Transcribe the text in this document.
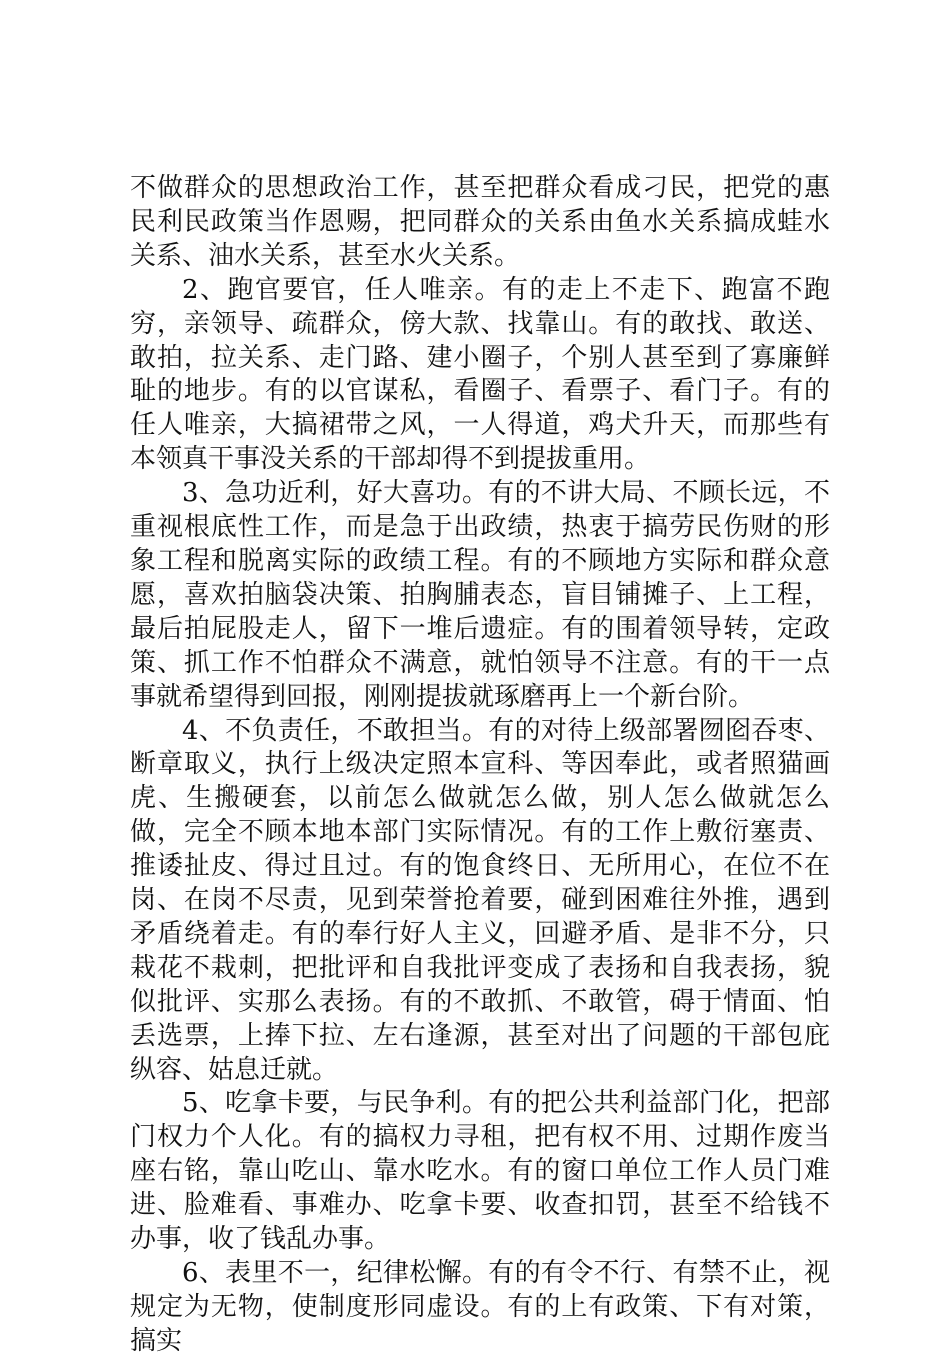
不做群众的思想政治工作，甚至把群众看成刁民，把党的惠民利民政策当作恩赐，把同群众的关系由鱼水关系搞成蛙水关系、油水关系，甚至水火关系。

2、跑官要官，任人唯亲。有的走上不走下、跑富不跑穷，亲领导、疏群众，傍大款、找靠山。有的敢找、敢送、敢拍，拉关系、走门路、建小圈子，个别人甚至到了寡廉鲜耻的地步。有的以官谋私，看圈子、看票子、看门子。有的任人唯亲，大搞裙带之风，一人得道，鸡犬升天，而那些有本领真干事没关系的干部却得不到提拔重用。

3、急功近利，好大喜功。有的不讲大局、不顾长远，不重视根底性工作，而是急于出政绩，热衷于搞劳民伤财的形象工程和脱离实际的政绩工程。有的不顾地方实际和群众意愿，喜欢拍脑袋决策、拍胸脯表态，盲目铺摊子、上工程，最后拍屁股走人，留下一堆后遗症。有的围着领导转，定政策、抓工作不怕群众不满意，就怕领导不注意。有的干一点事就希望得到回报，刚刚提拔就琢磨再上一个新台阶。

4、不负责任，不敢担当。有的对待上级部署囫囵吞枣、断章取义，执行上级决定照本宣科、等因奉此，或者照猫画虎、生搬硬套，以前怎么做就怎么做，别人怎么做就怎么做，完全不顾本地本部门实际情况。有的工作上敷衍塞责、推诿扯皮、得过且过。有的饱食终日、无所用心，在位不在岗、在岗不尽责，见到荣誉抢着要，碰到困难往外推，遇到矛盾绕着走。有的奉行好人主义，回避矛盾、是非不分，只栽花不栽刺，把批评和自我批评变成了表扬和自我表扬，貌似批评、实那么表扬。有的不敢抓、不敢管，碍于情面、怕丢选票，上捧下拉、左右逢源，甚至对出了问题的干部包庇纵容、姑息迁就。

5、吃拿卡要，与民争利。有的把公共利益部门化，把部门权力个人化。有的搞权力寻租，把有权不用、过期作废当座右铭，靠山吃山、靠水吃水。有的窗口单位工作人员门难进、脸难看、事难办、吃拿卡要、收查扣罚，甚至不给钱不办事，收了钱乱办事。

6、表里不一，纪律松懈。有的有令不行、有禁不止，视规定为无物，使制度形同虚设。有的上有政策、下有对策，搞实
